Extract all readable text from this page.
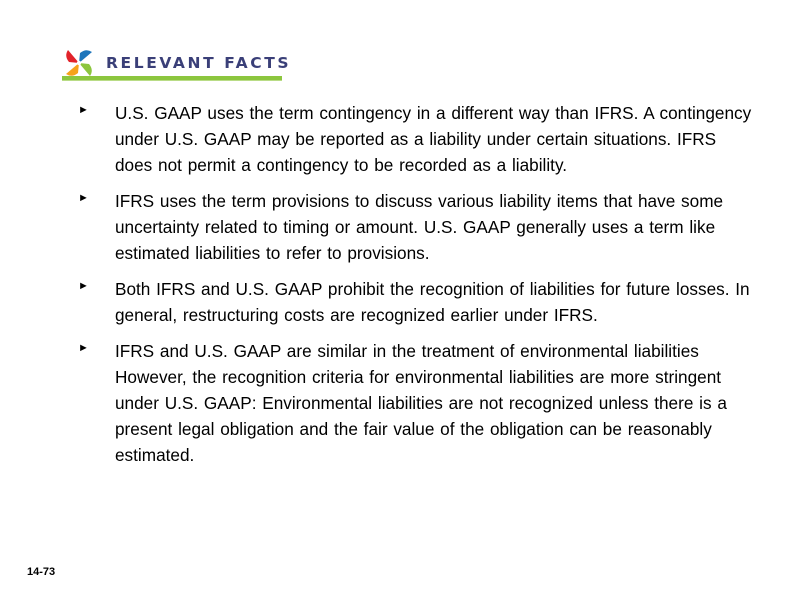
RELEVANT FACTS
► U.S. GAAP uses the term contingency in a different way than IFRS. A contingency under U.S. GAAP may be reported as a liability under certain situations. IFRS does not permit a contingency to be recorded as a liability.

► IFRS uses the term provisions to discuss various liability items that have some uncertainty related to timing or amount. U.S. GAAP generally uses a term like estimated liabilities to refer to provisions.

► Both IFRS and U.S. GAAP prohibit the recognition of liabilities for future losses. In general, restructuring costs are recognized earlier under IFRS.

► IFRS and U.S. GAAP are similar in the treatment of environmental liabilities However, the recognition criteria for environmental liabilities are more stringent under U.S. GAAP: Environmental liabilities are not recognized unless there is a present legal obligation and the fair value of the obligation can be reasonably estimated.

14-73
